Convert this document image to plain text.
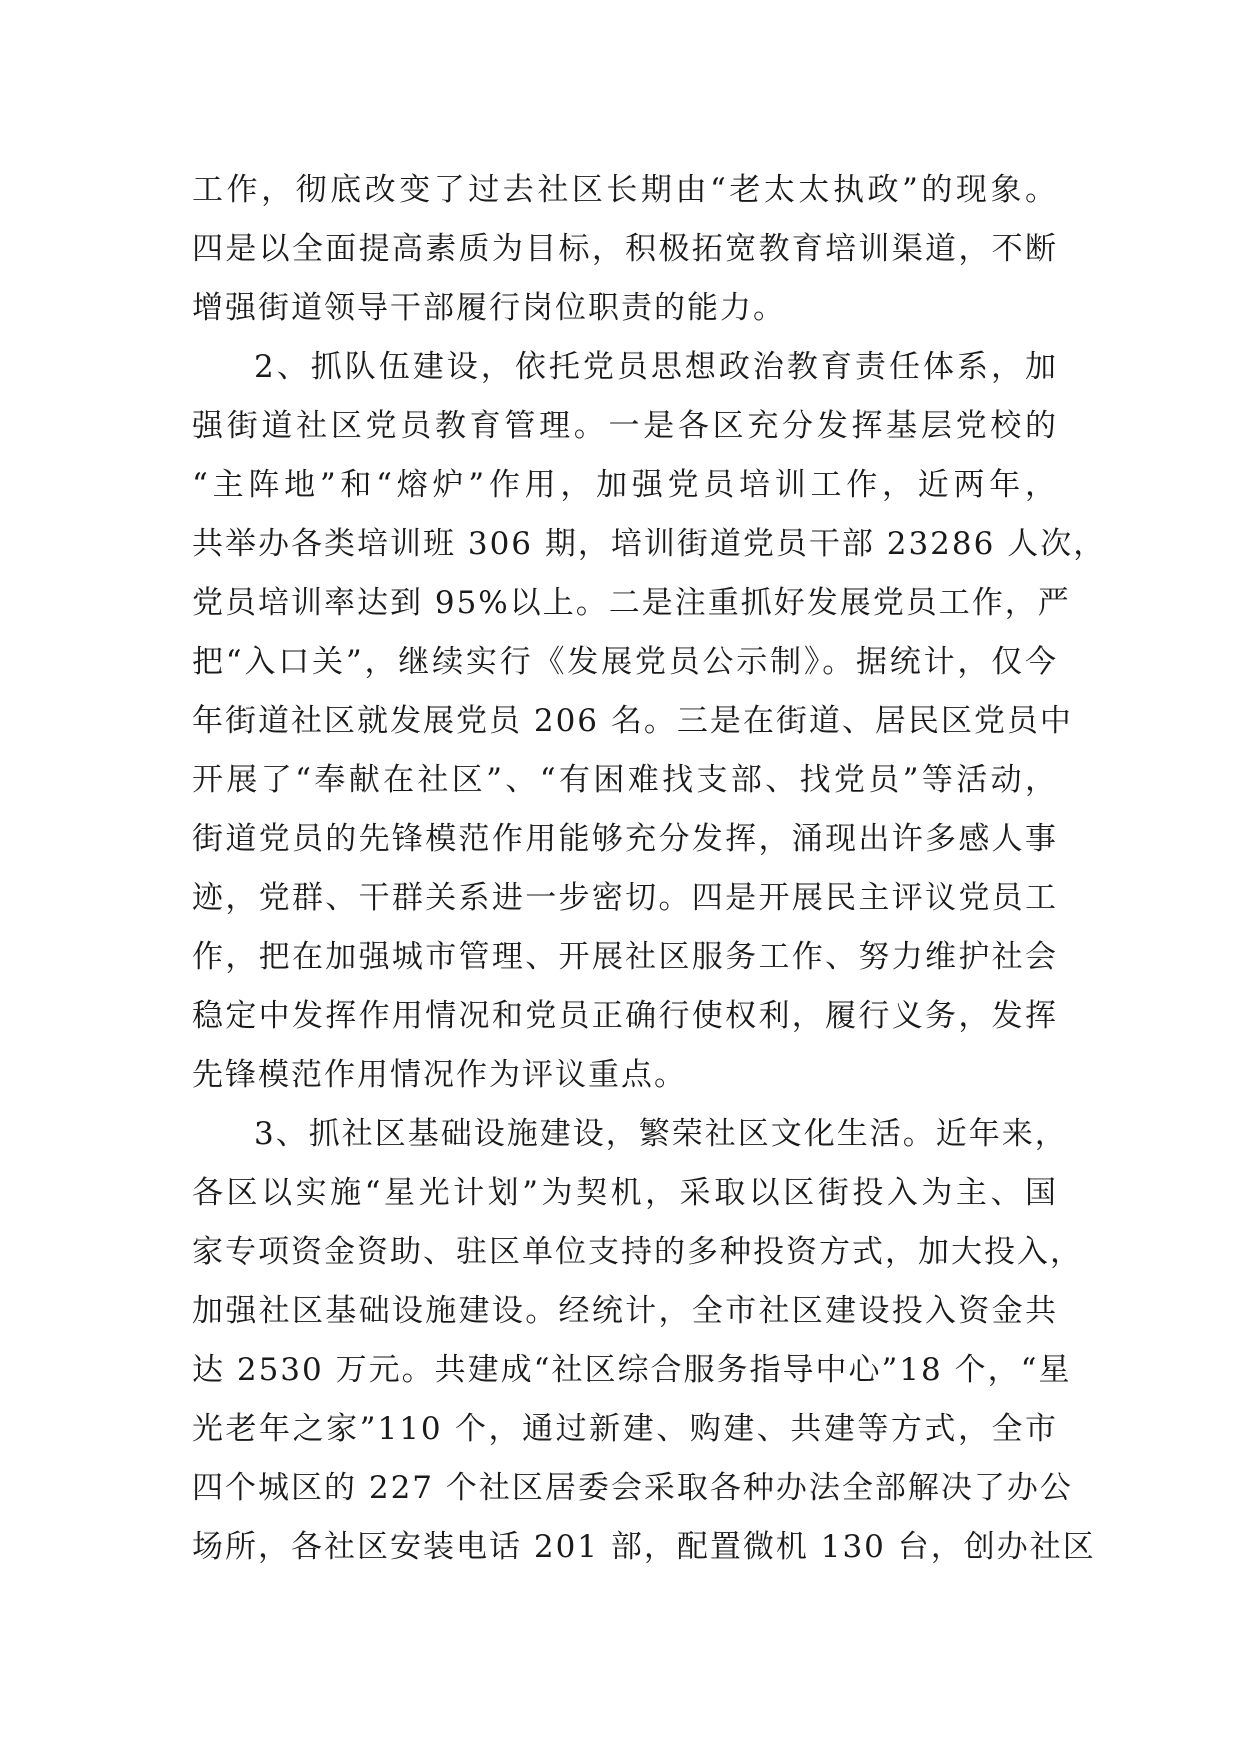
工作，彻底改变了过去社区长期由“老太太执政”的现象。
四是以全面提高素质为目标，积极拓宽教育培训渠道，不断
增强街道领导干部履行岗位职责的能力。
2、抓队伍建设，依托党员思想政治教育责任体系，加
强街道社区党员教育管理。一是各区充分发挥基层党校的
“主阵地”和“熔炉”作用，加强党员培训工作，近两年，
共举办各类培训班 306 期，培训街道党员干部 23286 人次，
党员培训率达到 95%以上。二是注重抓好发展党员工作，严
把“入口关”，继续实行《发展党员公示制》。据统计，仅今
年街道社区就发展党员 206 名。三是在街道、居民区党员中
开展了“奉献在社区”、“有困难找支部、找党员”等活动，
街道党员的先锋模范作用能够充分发挥，涌现出许多感人事
迹，党群、干群关系进一步密切。四是开展民主评议党员工
作，把在加强城市管理、开展社区服务工作、努力维护社会
稳定中发挥作用情况和党员正确行使权利，履行义务，发挥
先锋模范作用情况作为评议重点。
3、抓社区基础设施建设，繁荣社区文化生活。近年来，
各区以实施“星光计划”为契机，采取以区街投入为主、国
家专项资金资助、驻区单位支持的多种投资方式，加大投入，
加强社区基础设施建设。经统计，全市社区建设投入资金共
达 2530 万元。共建成“社区综合服务指导中心”18 个，“星
光老年之家”110 个，通过新建、购建、共建等方式，全市
四个城区的 227 个社区居委会采取各种办法全部解决了办公
场所，各社区安装电话 201 部，配置微机 130 台，创办社区
